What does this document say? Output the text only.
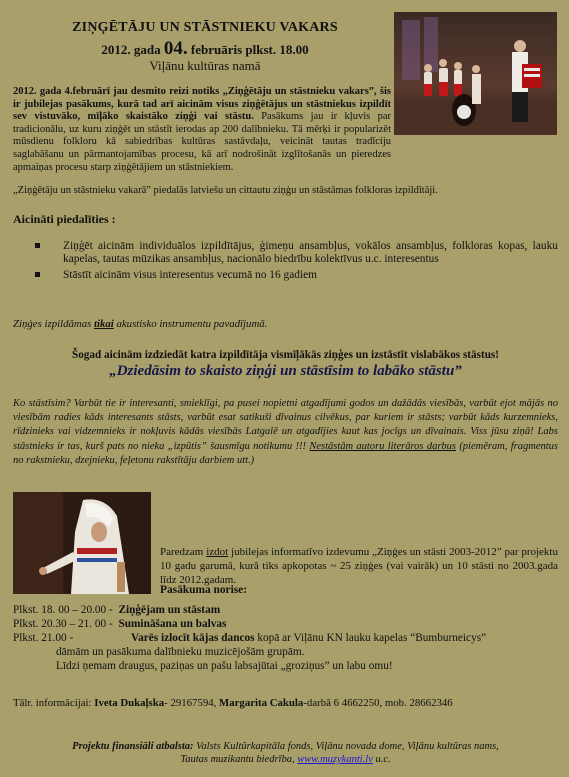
ZIŅĢĒTĀJU UN STĀSTNIEKU VAKARS
2012. gada 04. februāris plkst. 18.00
Viļānu kultūras namā
2012. gada 4.februārī jau desmito reizi notiks „Ziņģētāju un stāstnieku vakars”, šis ir jubilejas pasākums, kurā tad arī aicinām visus ziņģētājus un stāstniekus izpildīt sev vistuvāko, mīļāko skaistāko ziņģi vai stāstu. Pasākums jau ir kļuvis par tradicionālu, uz kuru ziņģēt un stāstīt ierodas ap 200 dalībnieku. Tā mērķi ir popularizēt mūsdienu folkloru kā sabiedrības kultūras sastāvdaļu, veicināt tautas tradīciju saglabāšanu un pārmantojamības procesu, kā arī nodrošināt izglītošanās un pieredzes apmaiņas procesu starp ziņģētājiem un stāstniekiem.
„Ziņģētāju un stāstnieku vakarā” piedalās latviešu un cittautu ziņģu un stāstāmas folkloras izpildītāji.
Aicināti piedalīties :
Ziņģēt aicinām individuālos izpildītājus, ģimeņu ansambļus, vokālos ansambļus, folkloras kopas, lauku kapelas, tautas mūzikas ansambļus, nacionālo biedrību kolektīvus u.c. interesentus
Stāstīt aicinām visus interesentus vecumā no 16 gadiem
Ziņģes izpildāmas tikai akustisko instrumentu pavadījumā.
Šogad aicinām izdziedāt katra izpildītāja vismīļākās ziņģes un izstāstīt vislabākos stāstus!
„Dziedāsim to skaisto ziņģi un stāstīsim to labāko stāstu”
Ko stāstīsim? Varbūt tie ir interesanti, smieklīgi, pa pusei nopietni atgadījumi godos un dažādās viesībās, varbūt ejot mājās no viesībām radies kāds interesants stāsts, varbūt esat satikuši dīvainus cilvēkus, par kuriem ir stāsts; varbūt kāds kurzemnieks, rīdzinieks vai vidzemnieks ir nokļuvis kādās viesībās Latgalē un atgadījies kaut kas jocīgs un dīvainais. Viss jūsu ziņā! Labs stāstnieks ir tas, kurš pats no nieka „izpūtis” šausmīgu notikumu !!! Nestāstām autoru literāros darbus (piemēram, fragmentus no rakstnieku, dzejnieku, feļetonu rakstītāju darbiem utt.)
Paredzam izdot jubilejas informatīvo izdevumu „Ziņģes un stāsti 2003-2012” par projektu 10 gadu garumā, kurā tiks apkopotas ~ 25 ziņģes (vai vairāk) un 10 stāsti no 2003.gada līdz 2012.gadam.
Pasākuma norise:
Plkst. 18. 00 – 20.00 - Ziņģējam un stāstam
Plkst. 20.30 – 21. 00 - Sumināšana un balvas
Plkst. 21.00 -	Varēs izlocīt kājas dancos kopā ar Viļānu KN lauku kapelas “Bumburneicys”
dāmām un pasākuma dalībnieku muzicējošām grupām.
Līdzi ņemam draugus, paziņas un pašu labsajūtai „groziņus” un labu omu!
Tālr. informācijai: Iveta Dukaļska- 29167594, Margarita Cakula-darbā 6 4662250, mob. 28662346
Projektu finansiāli atbalsta: Valsts Kultūrkapitāla fonds, Viļānu novada dome, Viļānu kultūras nams,
Tautas muzikantu biedrība, www.muzykanti.lv u.c.
